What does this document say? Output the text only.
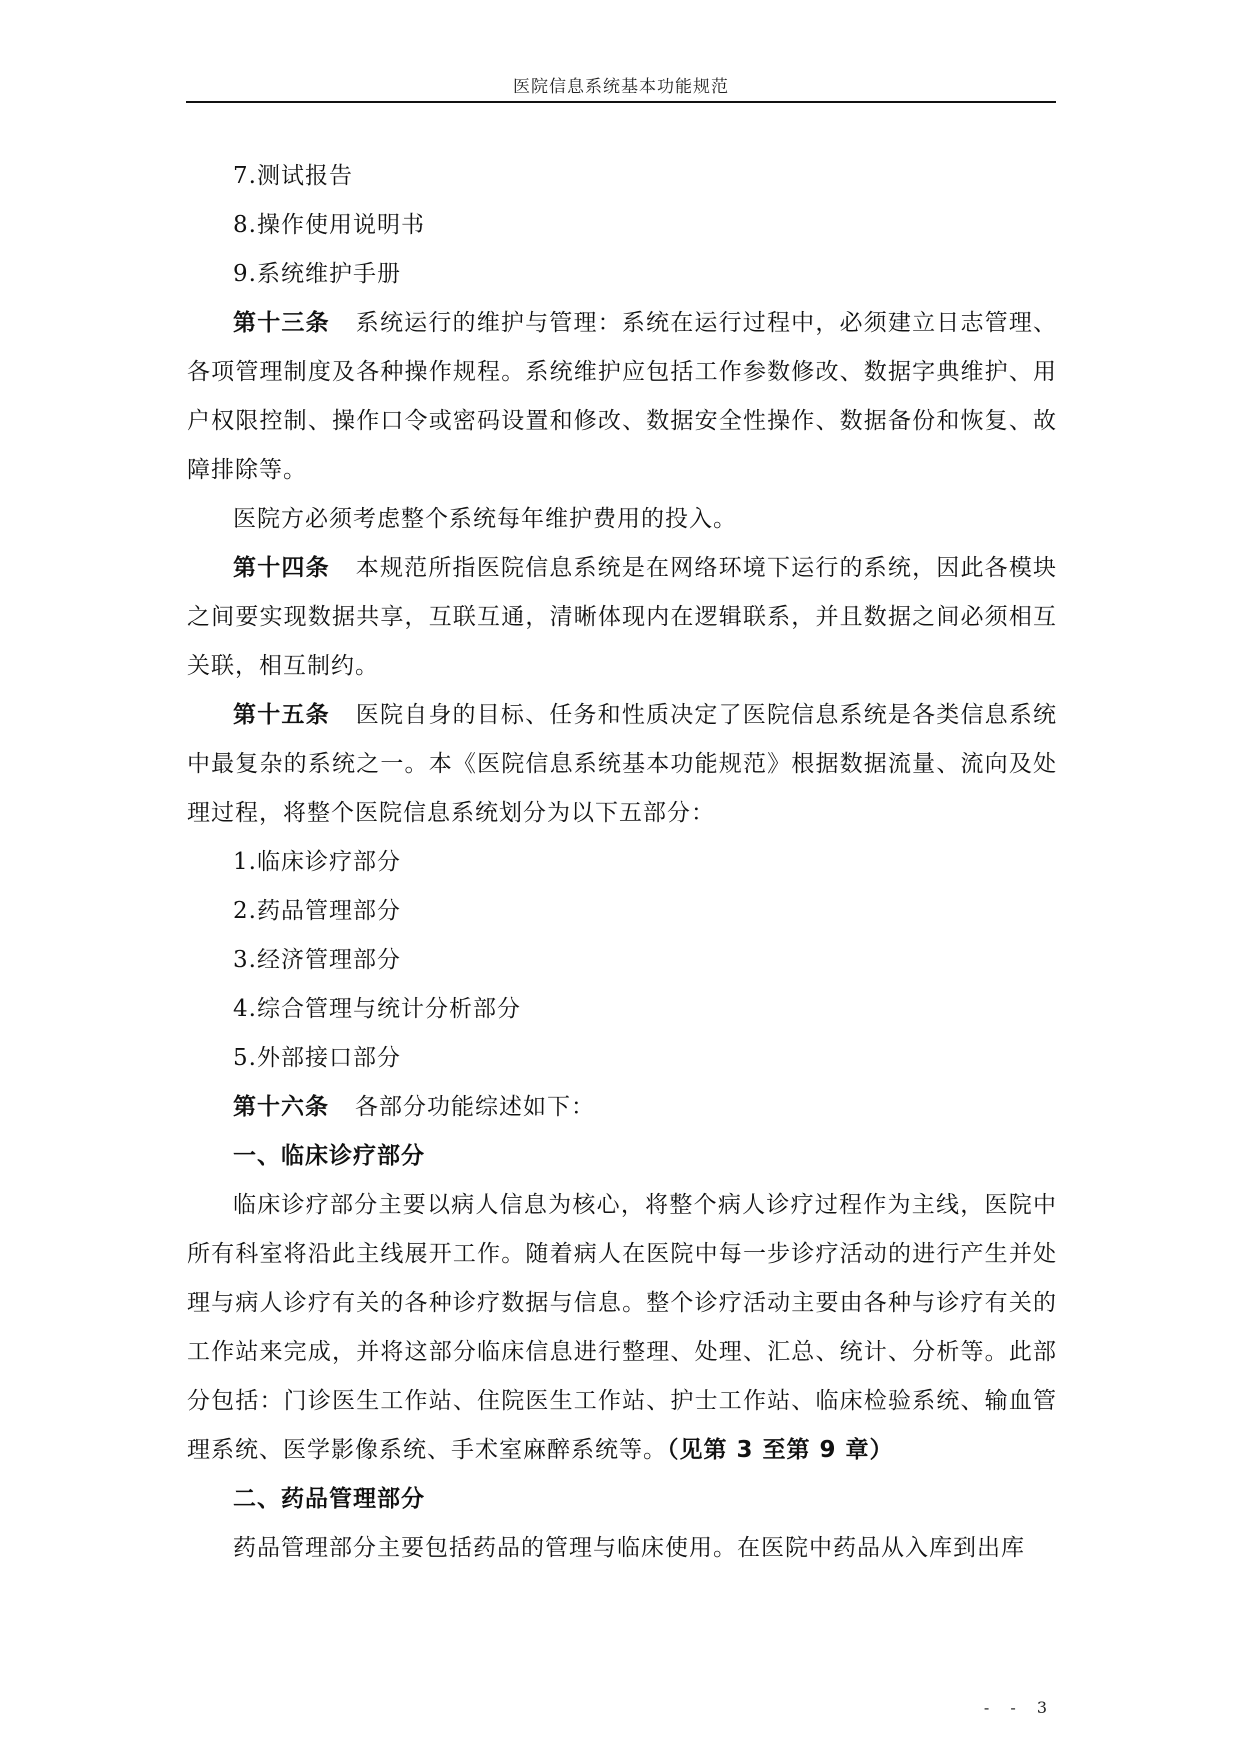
医院信息系统基本功能规范

7.测试报告

8.操作使用说明书

9.系统维护手册

第十三条 系统运行的维护与管理：系统在运行过程中，必须建立日志管理、各项管理制度及各种操作规程。系统维护应包括工作参数修改、数据字典维护、用户权限控制、操作口令或密码设置和修改、数据安全性操作、数据备份和恢复、故障排除等。

医院方必须考虑整个系统每年维护费用的投入。

第十四条 本规范所指医院信息系统是在网络环境下运行的系统，因此各模块之间要实现数据共享，互联互通，清晰体现内在逻辑联系，并且数据之间必须相互关联，相互制约。

第十五条 医院自身的目标、任务和性质决定了医院信息系统是各类信息系统中最复杂的系统之一。本《医院信息系统基本功能规范》根据数据流量、流向及处理过程，将整个医院信息系统划分为以下五部分：

1.临床诊疗部分

2.药品管理部分

3.经济管理部分

4.综合管理与统计分析部分

5.外部接口部分

第十六条 各部分功能综述如下：

一、临床诊疗部分

临床诊疗部分主要以病人信息为核心，将整个病人诊疗过程作为主线，医院中所有科室将沿此主线展开工作。随着病人在医院中每一步诊疗活动的进行产生并处理与病人诊疗有关的各种诊疗数据与信息。整个诊疗活动主要由各种与诊疗有关的工作站来完成，并将这部分临床信息进行整理、处理、汇总、统计、分析等。此部分包括：门诊医生工作站、住院医生工作站、护士工作站、临床检验系统、输血管理系统、医学影像系统、手术室麻醉系统等。（见第 3 至第 9 章）

二、药品管理部分

药品管理部分主要包括药品的管理与临床使用。在医院中药品从入库到出库

- - 3
